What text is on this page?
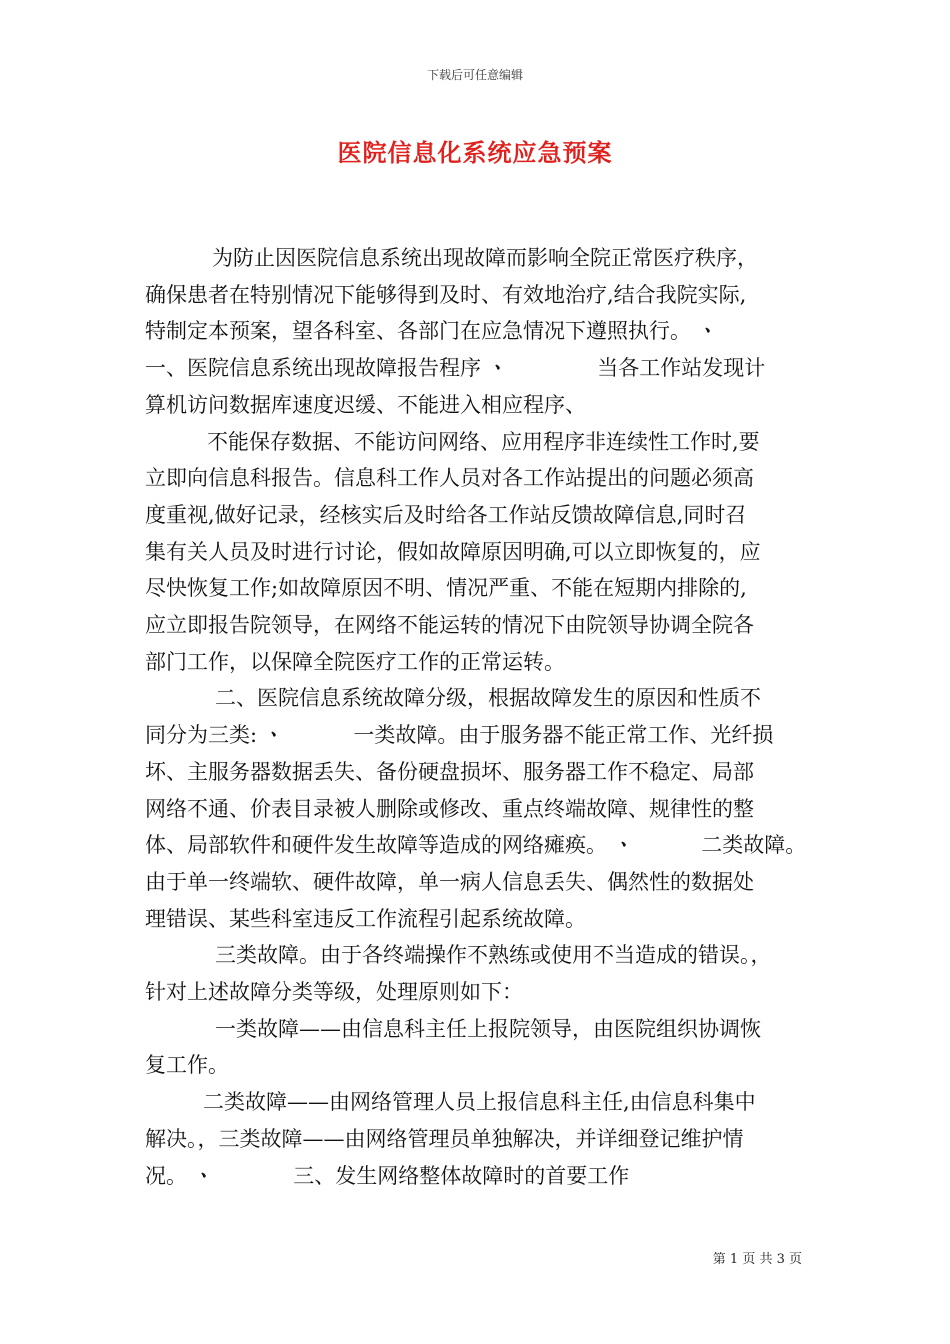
下载后可任意编辑
医院信息化系统应急预案
为防止因医院信息系统出现故障而影响全院正常医疗秩序，
确保患者在特别情况下能够得到及时、有效地治疗,结合我院实际,
特制定本预案，望各科室、各部门在应急情况下遵照执行。 ㆍ
一、医院信息系统出现故障报告程序 ㆍ	当各工作站发现计
算机访问数据库速度迟缓、不能进入相应程序、
不能保存数据、不能访问网络、应用程序非连续性工作时,要
立即向信息科报告。信息科工作人员对各工作站提出的问题必须高
度重视,做好记录，经核实后及时给各工作站反馈故障信息,同时召
集有关人员及时进行讨论，假如故障原因明确,可以立即恢复的，应
尽快恢复工作;如故障原因不明、情况严重、不能在短期内排除的,
应立即报告院领导，在网络不能运转的情况下由院领导协调全院各
部门工作，以保障全院医疗工作的正常运转。
二、医院信息系统故障分级，根据故障发生的原因和性质不
同分为三类: ㆍ	一类故障。由于服务器不能正常工作、光纤损
坏、主服务器数据丢失、备份硬盘损坏、服务器工作不稳定、局部
网络不通、价表目录被人删除或修改、重点终端故障、规律性的整
体、局部软件和硬件发生故障等造成的网络瘫痪。 ㆍ	二类故障。
由于单一终端软、硬件故障，单一病人信息丢失、偶然性的数据处
理错误、某些科室违反工作流程引起系统故障。
三类故障。由于各终端操作不熟练或使用不当造成的错误。，
针对上述故障分类等级，处理原则如下：
一类故障——由信息科主任上报院领导，由医院组织协调恢
复工作。
二类故障——由网络管理人员上报信息科主任,由信息科集中
解决。，三类故障——由网络管理员单独解决，并详细登记维护情
况。 ㆍ	三、发生网络整体故障时的首要工作
第 1 页 共 3 页
